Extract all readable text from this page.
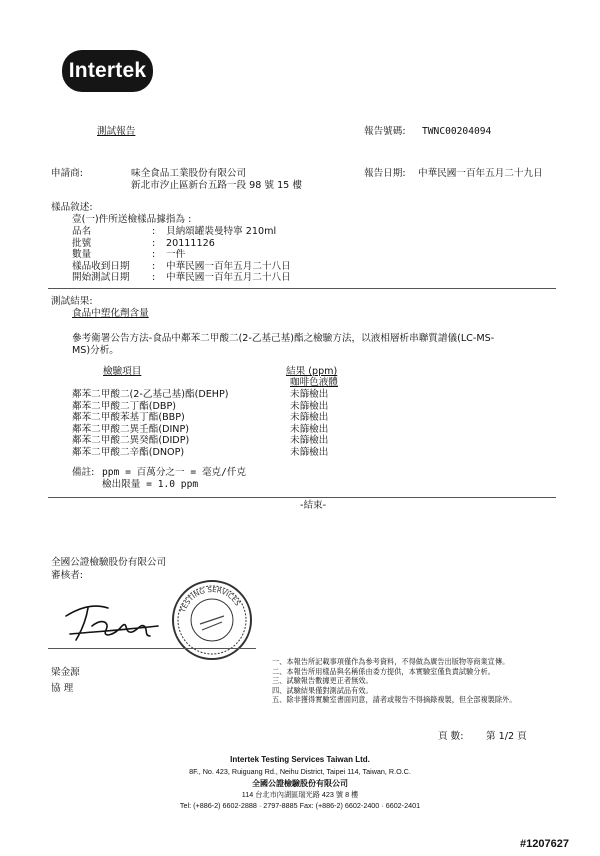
Intertek
測試報告	報告號碼: TWNC00204094
申請商:	味全食品工業股份有限公司
新北市汐止區新台五路一段 98 號 15 樓
報告日期: 中華民國一百年五月二十九日
樣品敘述:
壹(一)件所送檢樣品據指為 :
品名	: 貝納頌罐裝曼特寧 210ml
批號	: 20111126
數量	: 一件
樣品收到日期 : 中華民國一百年五月二十八日
開始測試日期 : 中華民國一百年五月二十八日
測試結果:
食品中塑化劑含量
參考衛署公告方法-食品中鄰苯二甲酸二(2-乙基己基)酯之檢驗方法，以液相層析串聯質譜儀(LC-MS-
MS)分析。
檢驗項目	結果 (ppm)
咖啡色液體
鄰苯二甲酸二(2-乙基己基)酯(DEHP)	未篩檢出
鄰苯二甲酸二丁酯(DBP)	未篩檢出
鄰苯二甲酸苯基丁酯(BBP)	未篩檢出
鄰苯二甲酸二異壬酯(DINP)	未篩檢出
鄰苯二甲酸二異癸酯(DIDP)	未篩檢出
鄰苯二甲酸二辛酯(DNOP)	未篩檢出
備註: ppm = 百萬分之一 = 毫克/仟克
檢出限量 = 1.0 ppm
-結束-
全國公證檢驗股份有限公司
審核者:
TESTING SERVICES
梁金源
協 理
一、本報告所記載事項僅作為參考資料，不得做為廣告出版物等商業宣傳。
二、本報告所用樣品與名稱係由委方提供，本實驗室僅負責試驗分析。
三、試驗報告數據更正者無效。
四、試驗結果僅對測試品有效。
五、除非獲得實驗室書面同意，請者或報告不得摘錄複製，但全部複製除外。
頁 數: 第 1/2 頁
Intertek Testing Services Taiwan Ltd.
8F., No. 423, Ruiguang Rd., Neihu District, Taipei 114, Taiwan, R.O.C.
全國公證檢驗股份有限公司
114 台北市內湖區瑞光路 423 號 8 樓
Tel: (+886-2) 6602-2888 · 2797-8885 Fax: (+886-2) 6602-2400 · 6602-2401
#1207627
